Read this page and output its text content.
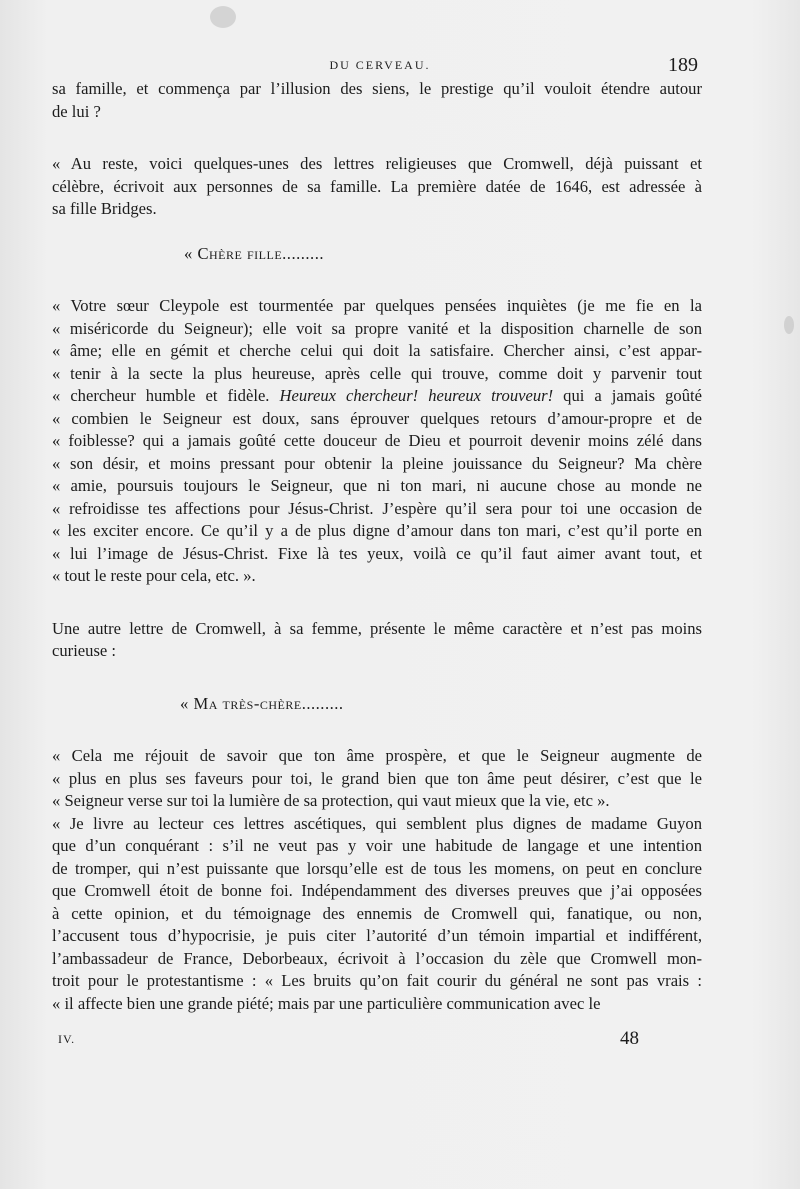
DU CERVEAU.	189
sa famille, et commença par l’illusion des siens, le prestige qu’il vouloit étendre autour
de lui ?
« Au reste, voici quelques-unes des lettres religieuses que Cromwell, déjà puissant et
célèbre, écrivoit aux personnes de sa famille. La première datée de 1646, est adressée à
sa fille Bridges.
« Chère fille.........
« Votre sœur Cleypole est tourmentée par quelques pensées inquiètes (je me fie en la
« miséricorde du Seigneur); elle voit sa propre vanité et la disposition charnelle de son
« âme; elle en gémit et cherche celui qui doit la satisfaire. Chercher ainsi, c’est appar-
« tenir à la secte la plus heureuse, après celle qui trouve, comme doit y parvenir tout
« chercheur humble et fidèle. Heureux chercheur! heureux trouveur! qui a jamais goûté
« combien le Seigneur est doux, sans éprouver quelques retours d’amour-propre et de
« foiblesse? qui a jamais goûté cette douceur de Dieu et pourroit devenir moins zélé dans
« son désir, et moins pressant pour obtenir la pleine jouissance du Seigneur? Ma chère
« amie, poursuis toujours le Seigneur, que ni ton mari, ni aucune chose au monde ne
« refroidisse tes affections pour Jésus-Christ. J’espère qu’il sera pour toi une occasion de
« les exciter encore. Ce qu’il y a de plus digne d’amour dans ton mari, c’est qu’il porte en
« lui l’image de Jésus-Christ. Fixe là tes yeux, voilà ce qu’il faut aimer avant tout, et
« tout le reste pour cela, etc. ».
Une autre lettre de Cromwell, à sa femme, présente le même caractère et n’est pas moins
curieuse :
« Ma très-chère.........
« Cela me réjouit de savoir que ton âme prospère, et que le Seigneur augmente de
« plus en plus ses faveurs pour toi, le grand bien que ton âme peut désirer, c’est que le
« Seigneur verse sur toi la lumière de sa protection, qui vaut mieux que la vie, etc ».
« Je livre au lecteur ces lettres ascétiques, qui semblent plus dignes de madame Guyon
que d’un conquérant : s’il ne veut pas y voir une habitude de langage et une intention
de tromper, qui n’est puissante que lorsqu’elle est de tous les momens, on peut en conclure
que Cromwell étoit de bonne foi. Indépendamment des diverses preuves que j’ai opposées
à cette opinion, et du témoignage des ennemis de Cromwell qui, fanatique, ou non,
l’accusent tous d’hypocrisie, je puis citer l’autorité d’un témoin impartial et indifférent,
l’ambassadeur de France, Deborbeaux, écrivoit à l’occasion du zèle que Cromwell mon-
troit pour le protestantisme : « Les bruits qu’on fait courir du général ne sont pas vrais :
« il affecte bien une grande piété; mais par une particulière communication avec le
IV.	48
